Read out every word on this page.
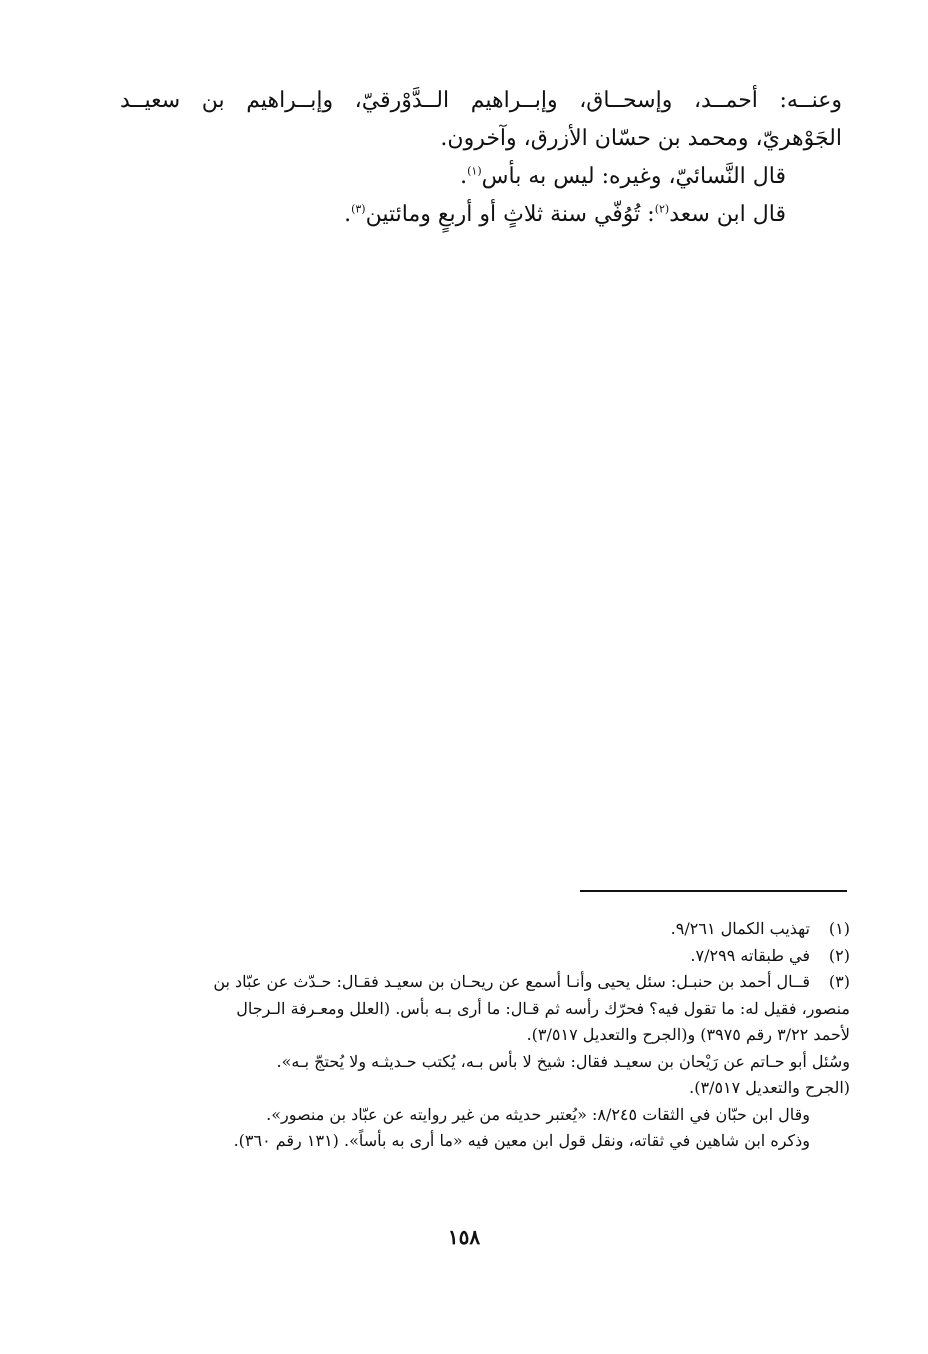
وعنــه: أحمــد، وإسحــاق، وإبــراهيم الــدَّوْرقيّ، وإبــراهيم بن سعيــد
الجَوْهريّ، ومحمد بن حسّان الأزرق، وآخرون.
قال النَّسائيّ، وغيره: ليس به بأس$^{(١)}$.
قال ابن سعد$^{(٢)}$: تُوُفّي سنة ثلاثٍ أو أربعٍ ومائتين$^{(٣)}$.
(١)تهذيب الكمال ٩/٢٦١.
(٢)في طبقاته ٧/٢٩٩.
(٣)قــال أحمد بن حنبـل: سئل يحيى وأنـا أسمع عن ريحـان بن سعيـد فقـال: حـدّث عن عبّاد بن
منصور، فقيل له: ما تقول فيه؟ فحرّك رأسه ثم قـال: ما أرى بـه بأس. (العلل ومعـرفة الـرجال
لأحمد ٣/٢٢ رقم ٣٩٧٥) و(الجرح والتعديل ٣/٥١٧).
وسُئل أبو حـاتم عن رَيْحان بن سعيـد فقال: شيخ لا بأس بـه، يُكتب حـديثـه ولا يُحتجّ بـه».
(الجرح والتعديل ٣/٥١٧).
وقال ابن حبّان في الثقات ٨/٢٤٥: «يُعتبر حديثه من غير روايته عن عبّاد بن منصور».
وذكره ابن شاهين في ثقاته، ونقل قول ابن معين فيه «ما أرى به بأساً». (١٣١ رقم ٣٦٠).
١٥٨
